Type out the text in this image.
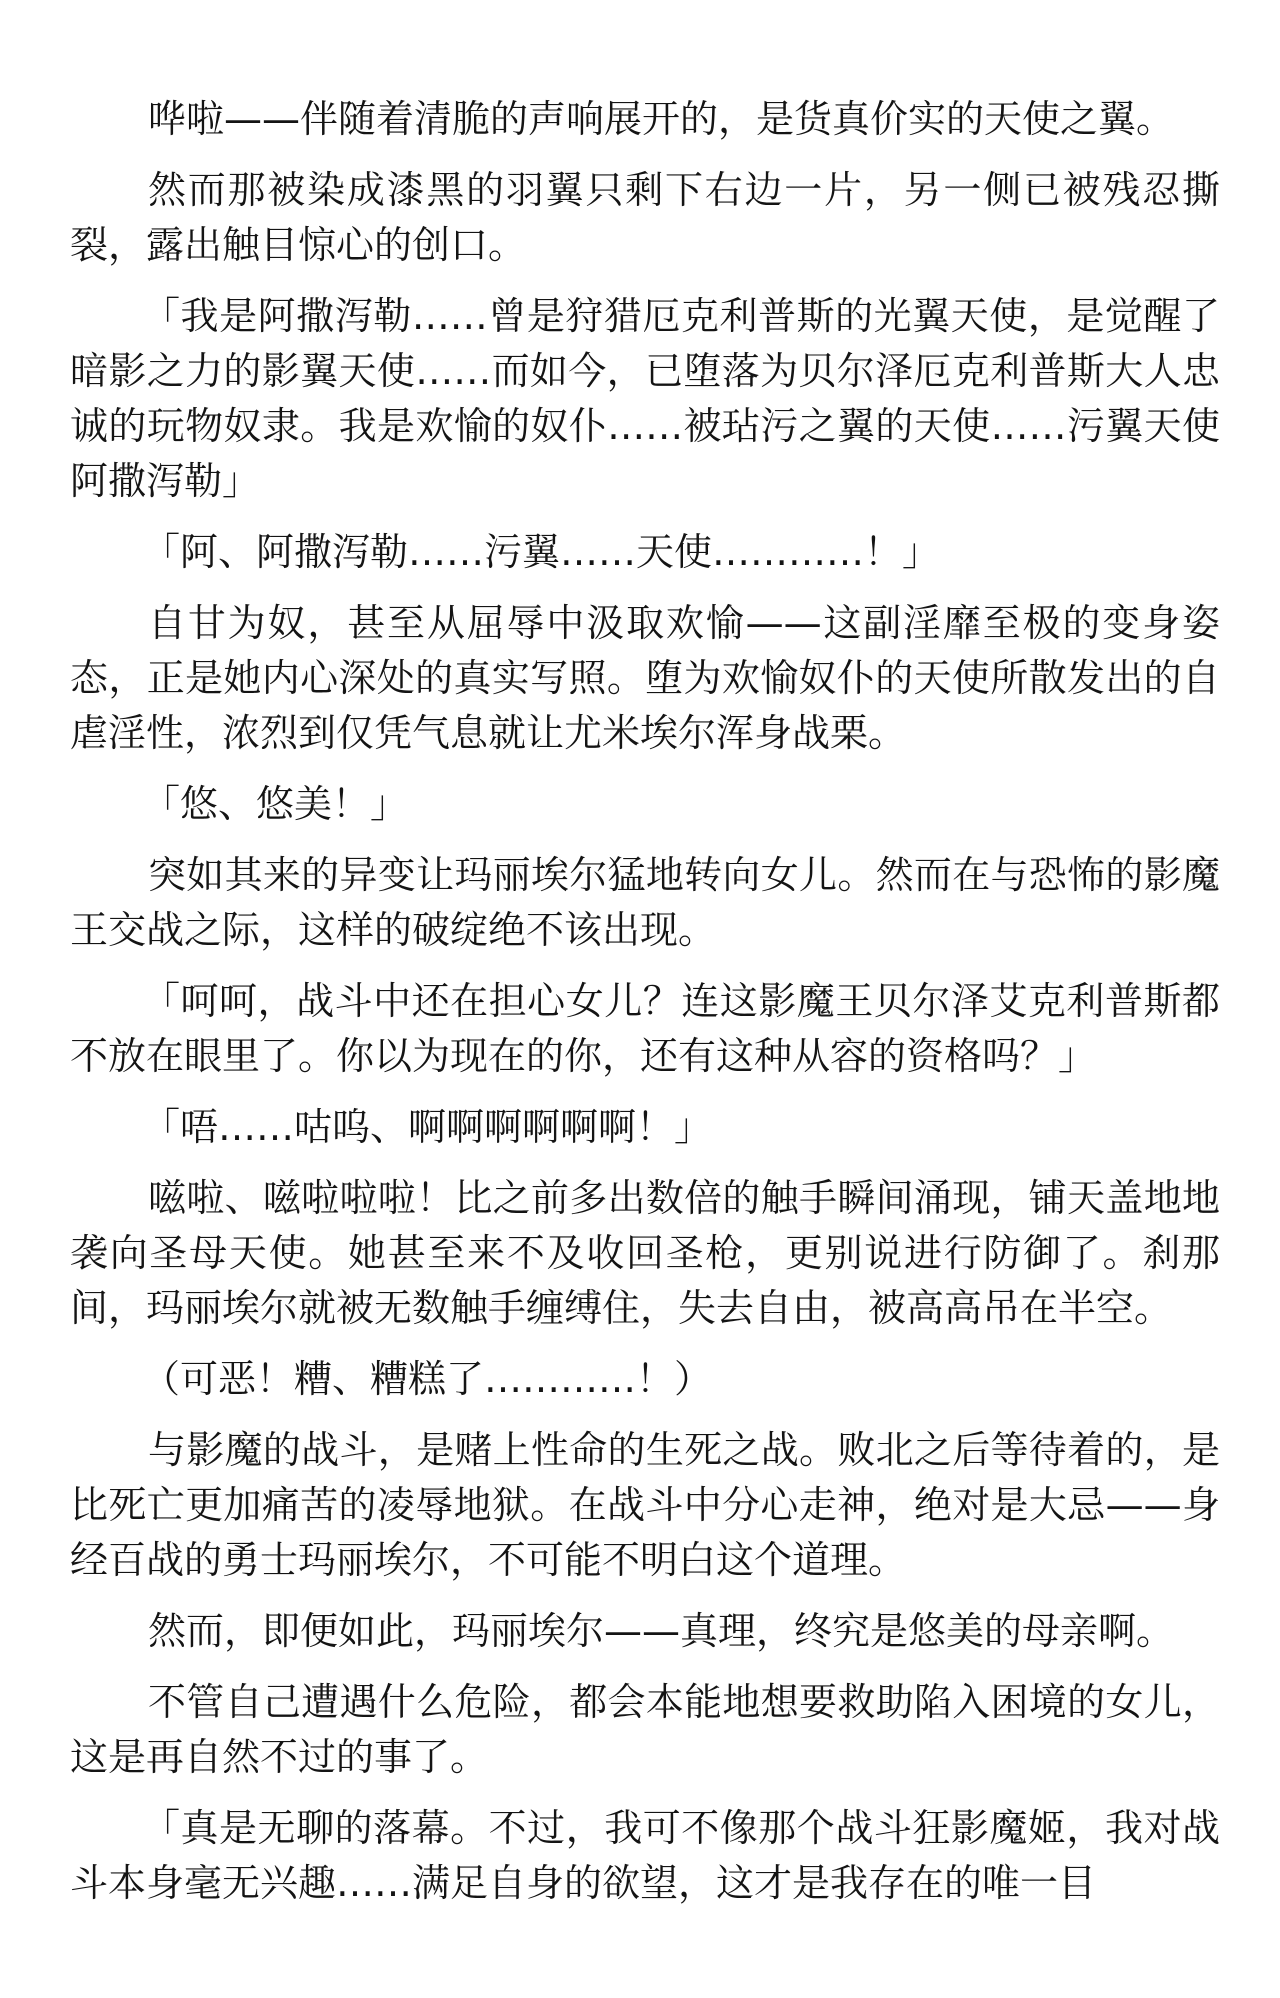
哗啦——伴随着清脆的声响展开的，是货真价实的天使之翼。

然而那被染成漆黑的羽翼只剩下右边一片，另一侧已被残忍撕裂，露出触目惊心的创口。

「我是阿撒泻勒……曾是狩猎厄克利普斯的光翼天使，是觉醒了暗影之力的影翼天使……而如今，已堕落为贝尔泽厄克利普斯大人忠诚的玩物奴隶。我是欢愉的奴仆……被玷污之翼的天使……污翼天使阿撒泻勒」

「阿、阿撒泻勒……污翼……天使…………！」

自甘为奴，甚至从屈辱中汲取欢愉——这副淫靡至极的变身姿态，正是她内心深处的真实写照。堕为欢愉奴仆的天使所散发出的自虐淫性，浓烈到仅凭气息就让尤米埃尔浑身战栗。

「悠、悠美！」

突如其来的异变让玛丽埃尔猛地转向女儿。然而在与恐怖的影魔王交战之际，这样的破绽绝不该出现。

「呵呵，战斗中还在担心女儿？连这影魔王贝尔泽艾克利普斯都不放在眼里了。你以为现在的你，还有这种从容的资格吗？」

「唔……咕呜、啊啊啊啊啊啊！」

嗞啦、嗞啦啦啦！比之前多出数倍的触手瞬间涌现，铺天盖地地袭向圣母天使。她甚至来不及收回圣枪，更别说进行防御了。刹那间，玛丽埃尔就被无数触手缠缚住，失去自由，被高高吊在半空。

（可恶！糟、糟糕了…………！）

与影魔的战斗，是赌上性命的生死之战。败北之后等待着的，是比死亡更加痛苦的凌辱地狱。在战斗中分心走神，绝对是大忌——身经百战的勇士玛丽埃尔，不可能不明白这个道理。

然而，即便如此，玛丽埃尔——真理，终究是悠美的母亲啊。

不管自己遭遇什么危险，都会本能地想要救助陷入困境的女儿，这是再自然不过的事了。

「真是无聊的落幕。不过，我可不像那个战斗狂影魔姬，我对战斗本身毫无兴趣……满足自身的欲望，这才是我存在的唯一目
